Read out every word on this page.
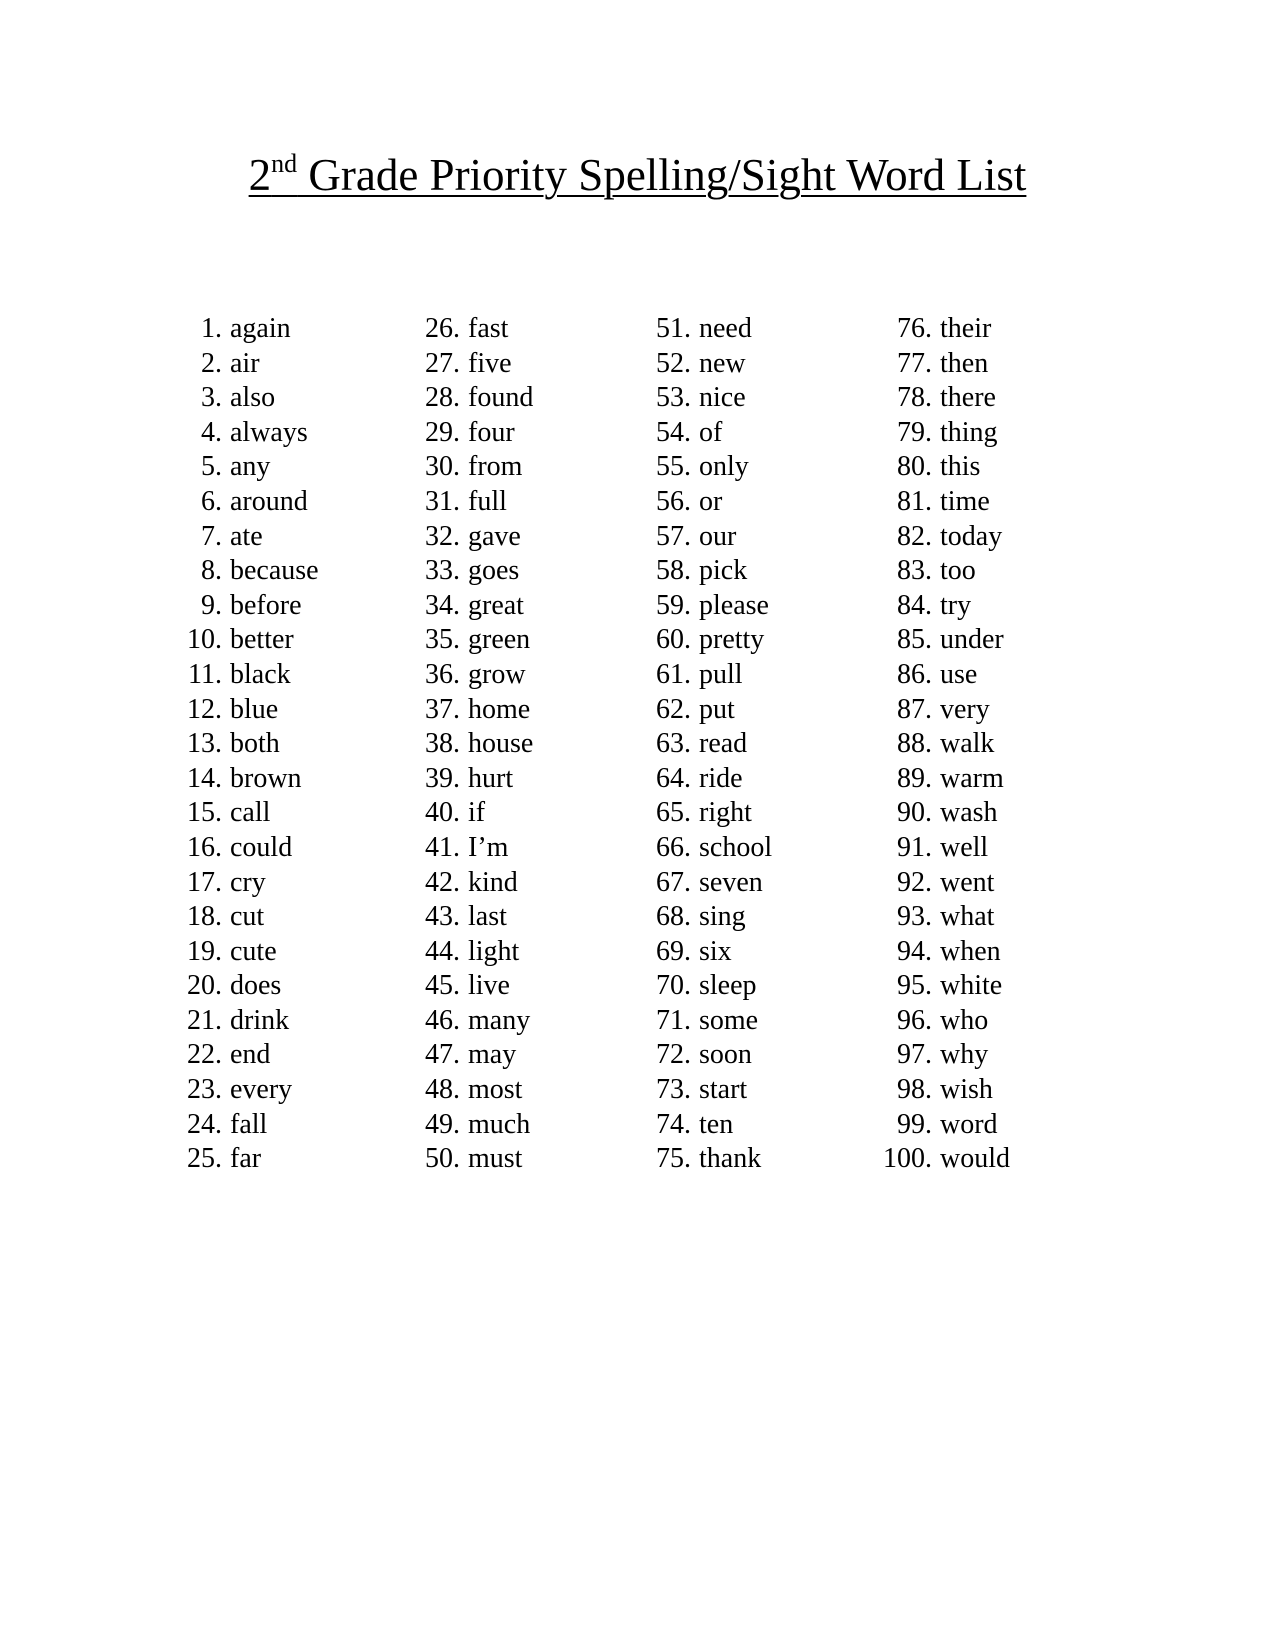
2nd Grade Priority Spelling/Sight Word List
1. again
2. air
3. also
4. always
5. any
6. around
7. ate
8. because
9. before
10. better
11. black
12. blue
13. both
14. brown
15. call
16. could
17. cry
18. cut
19. cute
20. does
21. drink
22. end
23. every
24. fall
25. far
26. fast
27. five
28. found
29. four
30. from
31. full
32. gave
33. goes
34. great
35. green
36. grow
37. home
38. house
39. hurt
40. if
41. I’m
42. kind
43. last
44. light
45. live
46. many
47. may
48. most
49. much
50. must
51. need
52. new
53. nice
54. of
55. only
56. or
57. our
58. pick
59. please
60. pretty
61. pull
62. put
63. read
64. ride
65. right
66. school
67. seven
68. sing
69. six
70. sleep
71. some
72. soon
73. start
74. ten
75. thank
76. their
77. then
78. there
79. thing
80. this
81. time
82. today
83. too
84. try
85. under
86. use
87. very
88. walk
89. warm
90. wash
91. well
92. went
93. what
94. when
95. white
96. who
97. why
98. wish
99. word
100. would
